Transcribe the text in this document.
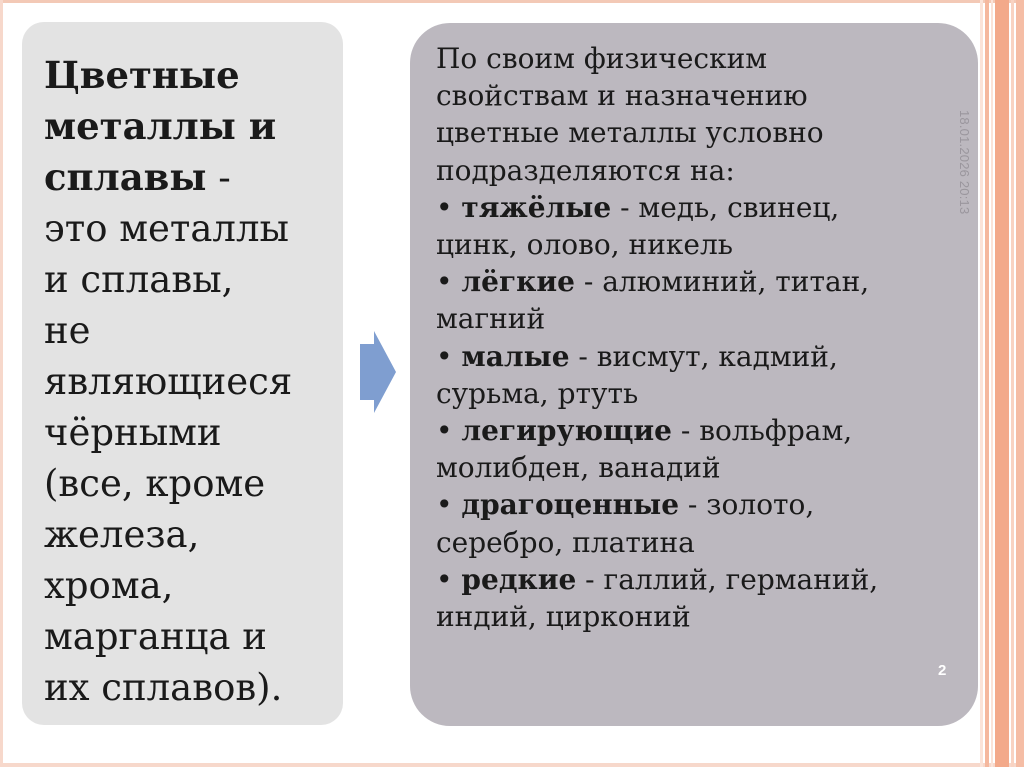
Цветные
металлы и
сплавы -
это металлы
и сплавы,
не
являющиеся
чёрными
(все, кроме
железа,
хрома,
марганца и
их сплавов).
По своим физическим
свойствам и назначению
цветные металлы условно
подразделяются на:
• тяжёлые - медь, свинец,
цинк, олово, никель
• лёгкие - алюминий, титан,
магний
• малые - висмут, кадмий,
сурьма, ртуть
• легирующие - вольфрам,
молибден, ванадий
• драгоценные - золото,
серебро, платина
• редкие - галлий, германий,
индий, цирконий
18.01.2026 20:13
2
